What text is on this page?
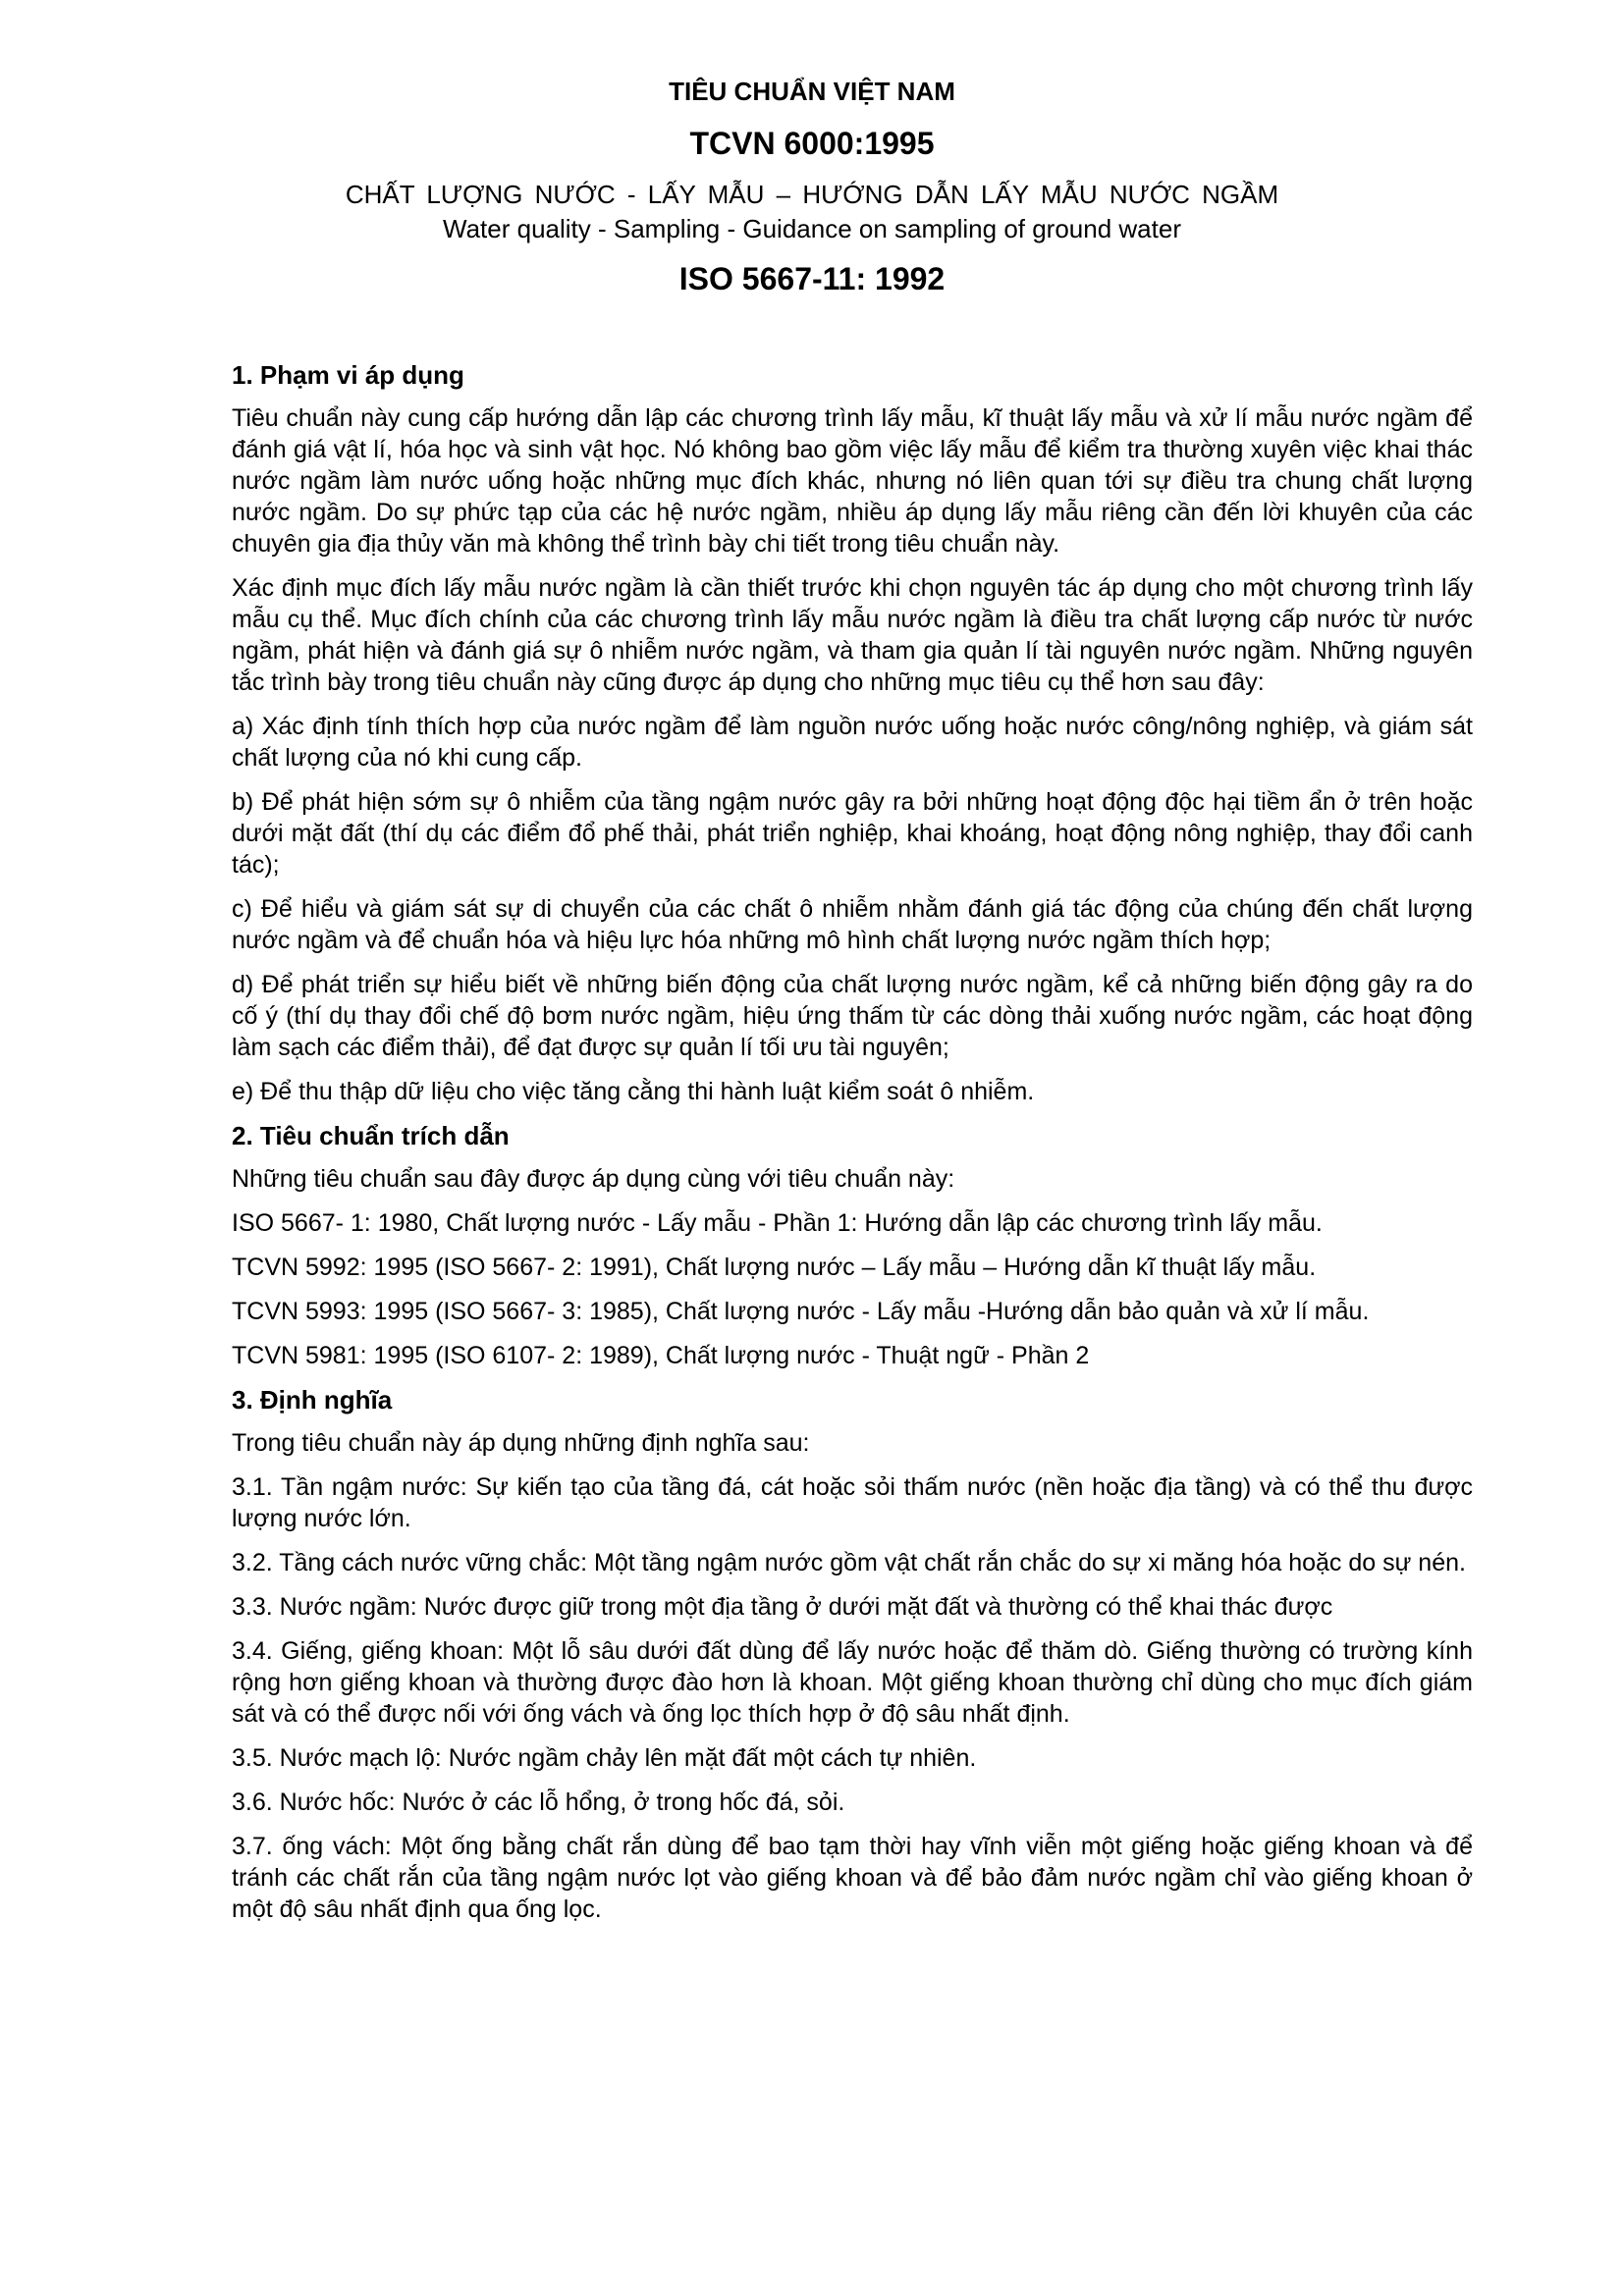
TIÊU CHUẨN VIỆT NAM
TCVN 6000:1995
CHẤT LƯỢNG NƯỚC - LẤY MẪU – HƯỚNG DẪN LẤY MẪU NƯỚC NGẦM
Water quality - Sampling - Guidance on sampling of ground water
ISO 5667-11: 1992
1. Phạm vi áp dụng

Tiêu chuẩn này cung cấp hướng dẫn lập các chương trình lấy mẫu, kĩ thuật lấy mẫu và xử lí mẫu nước ngầm để đánh giá vật lí, hóa học và sinh vật học. Nó không bao gồm việc lấy mẫu để kiểm tra thường xuyên việc khai thác nước ngầm làm nước uống hoặc những mục đích khác, nhưng nó liên quan tới sự điều tra chung chất lượng nước ngầm. Do sự phức tạp của các hệ nước ngầm, nhiều áp dụng lấy mẫu riêng cần đến lời khuyên của các chuyên gia địa thủy văn mà không thể trình bày chi tiết trong tiêu chuẩn này.

Xác định mục đích lấy mẫu nước ngầm là cần thiết trước khi chọn nguyên tác áp dụng cho một chương trình lấy mẫu cụ thể. Mục đích chính của các chương trình lấy mẫu nước ngầm là điều tra chất lượng cấp nước từ nước ngầm, phát hiện và đánh giá sự ô nhiễm nước ngầm, và tham gia quản lí tài nguyên nước ngầm. Những nguyên tắc trình bày trong tiêu chuẩn này cũng được áp dụng cho những mục tiêu cụ thể hơn sau đây:

a) Xác định tính thích hợp của nước ngầm để làm nguồn nước uống hoặc nước công/nông nghiệp, và giám sát chất lượng của nó khi cung cấp.

b) Để phát hiện sớm sự ô nhiễm của tầng ngậm nước gây ra bởi những hoạt động độc hại tiềm ẩn ở trên hoặc dưới mặt đất (thí dụ các điểm đổ phế thải, phát triển nghiệp, khai khoáng, hoạt động nông nghiệp, thay đổi canh tác);

c) Để hiểu và giám sát sự di chuyển của các chất ô nhiễm nhằm đánh giá tác động của chúng đến chất lượng nước ngầm và để chuẩn hóa và hiệu lực hóa những mô hình chất lượng nước ngầm thích hợp;

d) Để phát triển sự hiểu biết về những biến động của chất lượng nước ngầm, kể cả những biến động gây ra do cố ý (thí dụ thay đổi chế độ bơm nước ngầm, hiệu ứng thấm từ các dòng thải xuống nước ngầm, các hoạt động làm sạch các điểm thải), để đạt được sự quản lí tối ưu tài nguyên;

e) Để thu thập dữ liệu cho việc tăng cằng thi hành luật kiểm soát ô nhiễm.

2. Tiêu chuẩn trích dẫn

Những tiêu chuẩn sau đây được áp dụng cùng với tiêu chuẩn này:

ISO 5667- 1: 1980, Chất lượng nước - Lấy mẫu - Phần 1: Hướng dẫn lập các chương trình lấy mẫu.

TCVN 5992: 1995 (ISO 5667- 2: 1991), Chất lượng nước – Lấy mẫu – Hướng dẫn kĩ thuật lấy mẫu.

TCVN 5993: 1995 (ISO 5667- 3: 1985), Chất lượng nước - Lấy mẫu -Hướng dẫn bảo quản và xử lí mẫu.

TCVN 5981: 1995 (ISO 6107- 2: 1989), Chất lượng nước - Thuật ngữ - Phần 2

3. Định nghĩa

Trong tiêu chuẩn này áp dụng những định nghĩa sau:

3.1. Tần ngậm nước: Sự kiến tạo của tầng đá, cát hoặc sỏi thấm nước (nền hoặc địa tầng) và có thể thu được lượng nước lớn.

3.2. Tầng cách nước vững chắc: Một tầng ngậm nước gồm vật chất rắn chắc do sự xi măng hóa hoặc do sự nén.

3.3. Nước ngầm: Nước được giữ trong một địa tầng ở dưới mặt đất và thường có thể khai thác được

3.4. Giếng, giếng khoan: Một lỗ sâu dưới đất dùng để lấy nước hoặc để thăm dò. Giếng thường có trường kính rộng hơn giếng khoan và thường được đào hơn là khoan. Một giếng khoan thường chỉ dùng cho mục đích giám sát và có thể được nối với ống vách và ống lọc thích hợp ở độ sâu nhất định.

3.5. Nước mạch lộ: Nước ngầm chảy lên mặt đất một cách tự nhiên.

3.6. Nước hốc: Nước ở các lỗ hổng, ở trong hốc đá, sỏi.

3.7. ống vách: Một ống bằng chất rắn dùng để bao tạm thời hay vĩnh viễn một giếng hoặc giếng khoan và để tránh các chất rắn của tầng ngậm nước lọt vào giếng khoan và để bảo đảm nước ngầm chỉ vào giếng khoan ở một độ sâu nhất định qua ống lọc.
